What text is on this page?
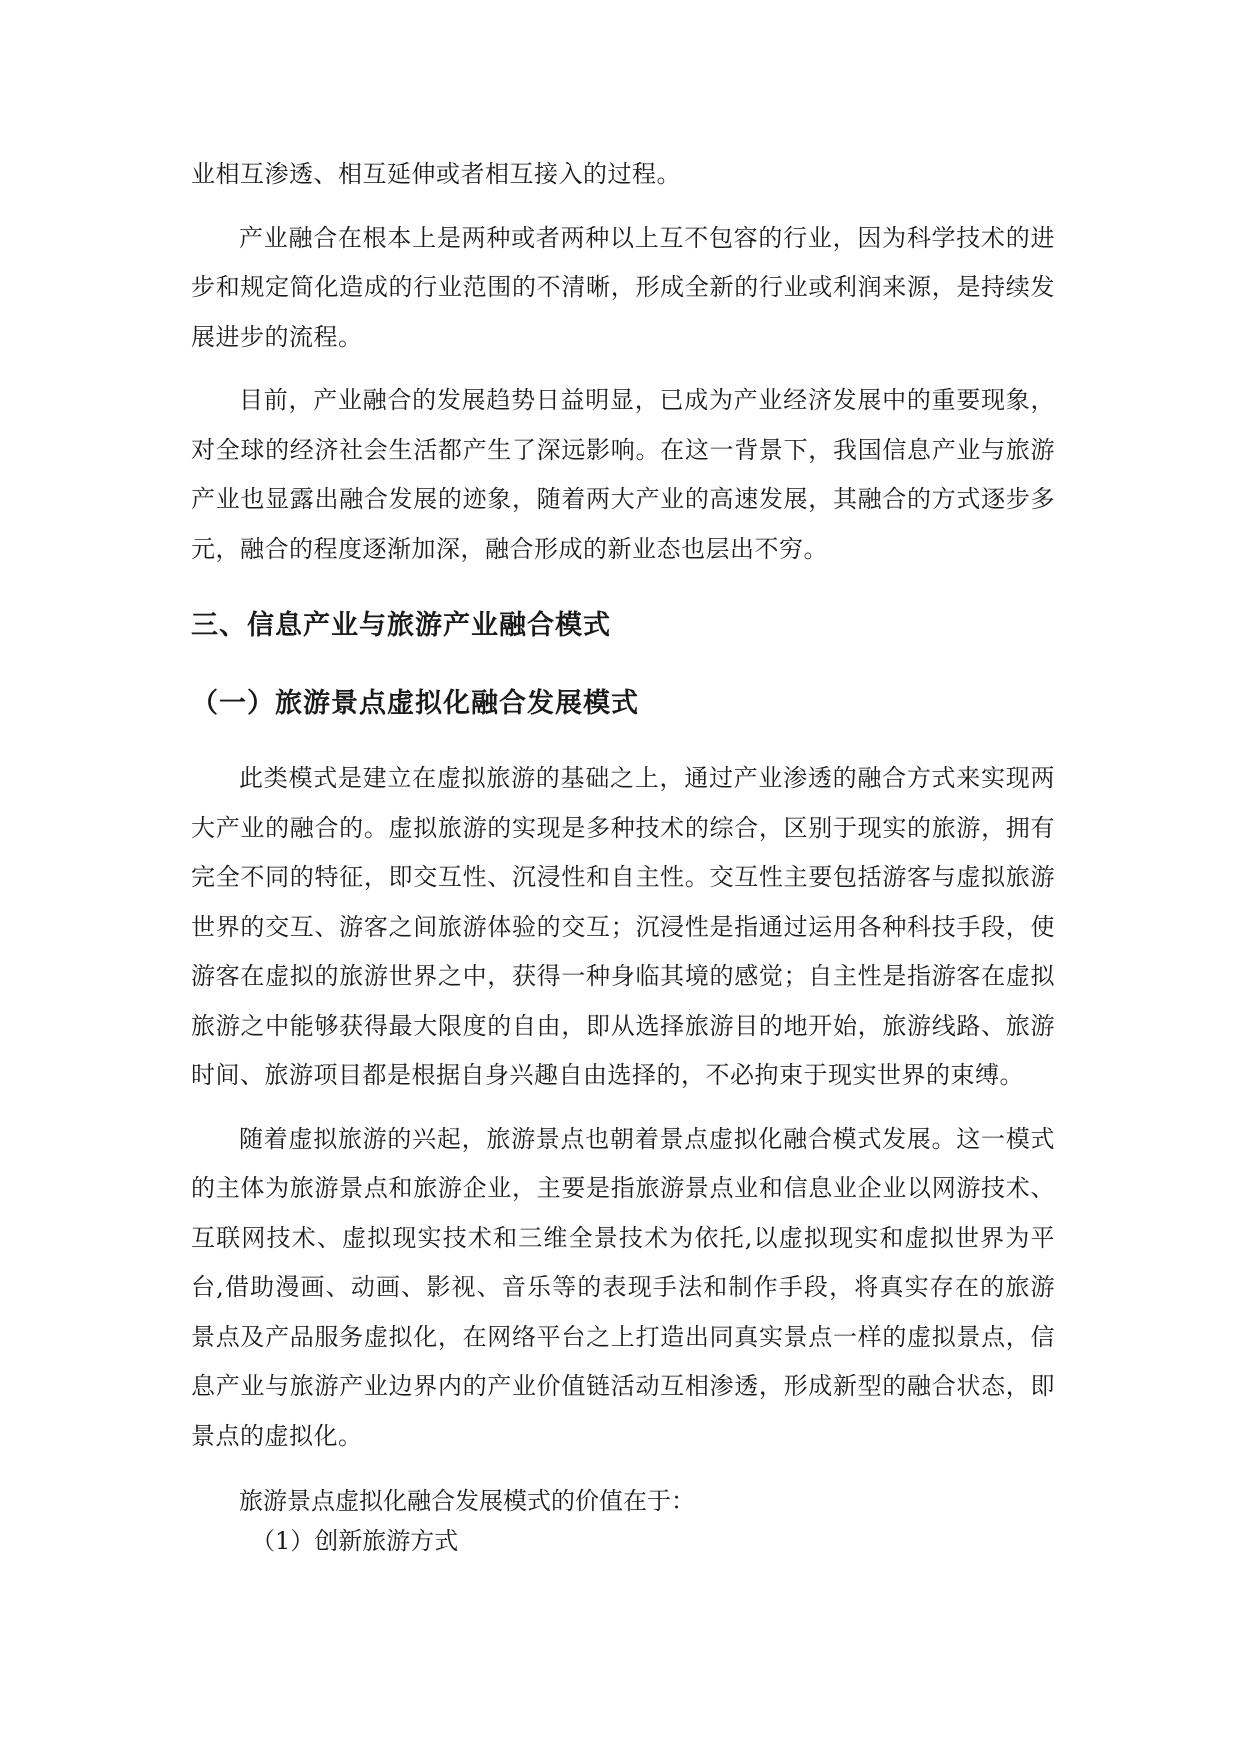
业相互渗透、相互延伸或者相互接入的过程。

产业融合在根本上是两种或者两种以上互不包容的行业，因为科学技术的进步和规定简化造成的行业范围的不清晰，形成全新的行业或利润来源，是持续发展进步的流程。

目前，产业融合的发展趋势日益明显，已成为产业经济发展中的重要现象，对全球的经济社会生活都产生了深远影响。在这一背景下，我国信息产业与旅游产业也显露出融合发展的迹象，随着两大产业的高速发展，其融合的方式逐步多元，融合的程度逐渐加深，融合形成的新业态也层出不穷。

三、信息产业与旅游产业融合模式
（一）旅游景点虚拟化融合发展模式

此类模式是建立在虚拟旅游的基础之上，通过产业渗透的融合方式来实现两大产业的融合的。虚拟旅游的实现是多种技术的综合，区别于现实的旅游，拥有完全不同的特征，即交互性、沉浸性和自主性。交互性主要包括游客与虚拟旅游世界的交互、游客之间旅游体验的交互；沉浸性是指通过运用各种科技手段，使游客在虚拟的旅游世界之中，获得一种身临其境的感觉；自主性是指游客在虚拟旅游之中能够获得最大限度的自由，即从选择旅游目的地开始，旅游线路、旅游时间、旅游项目都是根据自身兴趣自由选择的，不必拘束于现实世界的束缚。

随着虚拟旅游的兴起，旅游景点也朝着景点虚拟化融合模式发展。这一模式的主体为旅游景点和旅游企业，主要是指旅游景点业和信息业企业以网游技术、互联网技术、虚拟现实技术和三维全景技术为依托,以虚拟现实和虚拟世界为平台,借助漫画、动画、影视、音乐等的表现手法和制作手段，将真实存在的旅游景点及产品服务虚拟化，在网络平台之上打造出同真实景点一样的虚拟景点，信息产业与旅游产业边界内的产业价值链活动互相渗透，形成新型的融合状态，即景点的虚拟化。

旅游景点虚拟化融合发展模式的价值在于：

（1）创新旅游方式
